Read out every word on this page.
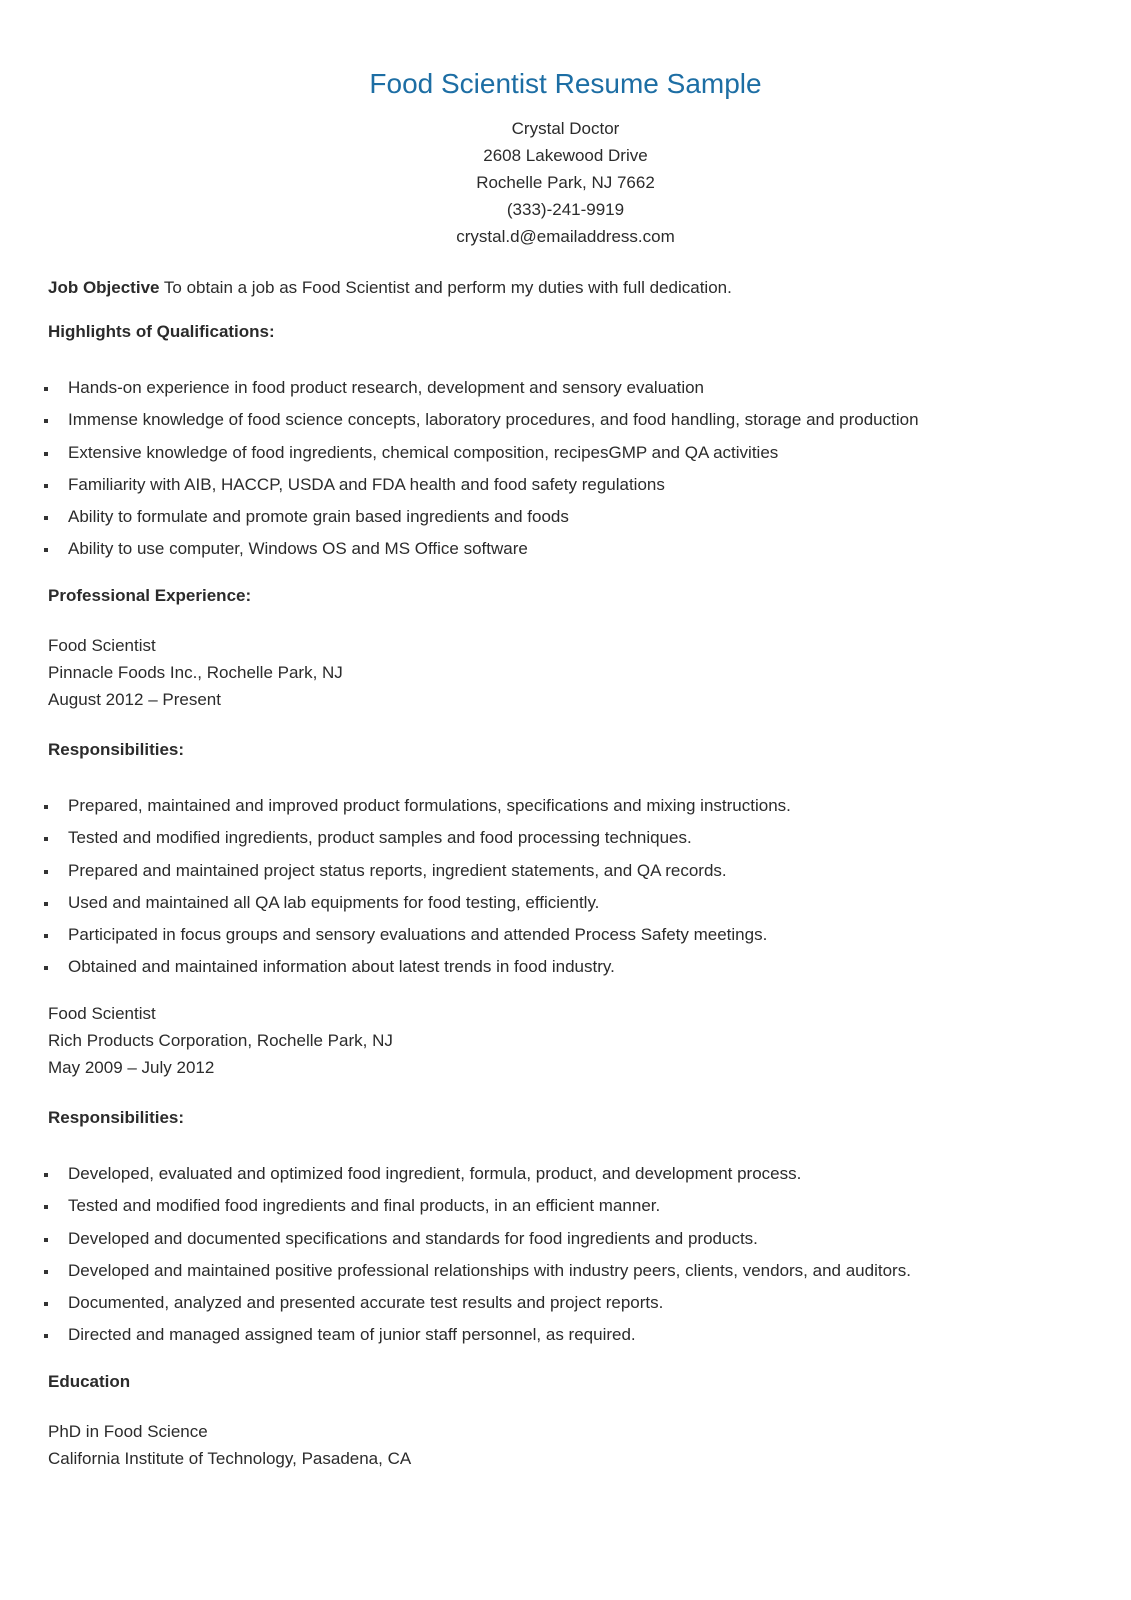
Food Scientist Resume Sample
Crystal Doctor
2608 Lakewood Drive
Rochelle Park, NJ 7662
(333)-241-9919
crystal.d@emailaddress.com
Job Objective To obtain a job as Food Scientist and perform my duties with full dedication.
Highlights of Qualifications:
Hands-on experience in food product research, development and sensory evaluation
Immense knowledge of food science concepts, laboratory procedures, and food handling, storage and production
Extensive knowledge of food ingredients, chemical composition, recipesGMP and QA activities
Familiarity with AIB, HACCP, USDA and FDA health and food safety regulations
Ability to formulate and promote grain based ingredients and foods
Ability to use computer, Windows OS and MS Office software
Professional Experience:
Food Scientist
Pinnacle Foods Inc., Rochelle Park, NJ
August 2012 – Present
Responsibilities:
Prepared, maintained and improved product formulations, specifications and mixing instructions.
Tested and modified ingredients, product samples and food processing techniques.
Prepared and maintained project status reports, ingredient statements, and QA records.
Used and maintained all QA lab equipments for food testing, efficiently.
Participated in focus groups and sensory evaluations and attended Process Safety meetings.
Obtained and maintained information about latest trends in food industry.
Food Scientist
Rich Products Corporation, Rochelle Park, NJ
May 2009 – July 2012
Responsibilities:
Developed, evaluated and optimized food ingredient, formula, product, and development process.
Tested and modified food ingredients and final products, in an efficient manner.
Developed and documented specifications and standards for food ingredients and products.
Developed and maintained positive professional relationships with industry peers, clients, vendors, and auditors.
Documented, analyzed and presented accurate test results and project reports.
Directed and managed assigned team of junior staff personnel, as required.
Education
PhD in Food Science
California Institute of Technology, Pasadena, CA
